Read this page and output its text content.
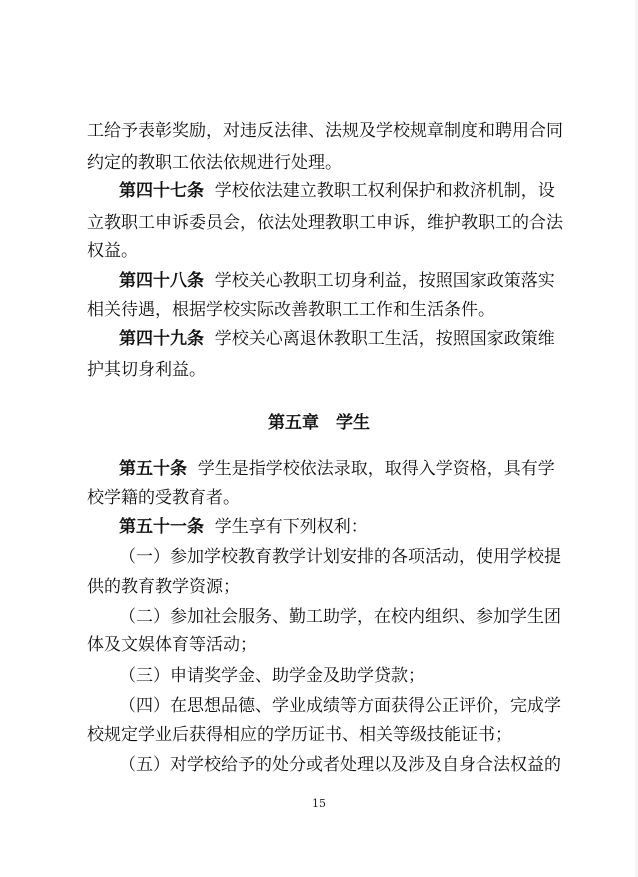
工给予表彰奖励，对违反法律、法规及学校规章制度和聘用合同
约定的教职工依法依规进行处理。
第四十七条  学校依法建立教职工权利保护和救济机制，设
立教职工申诉委员会，依法处理教职工申诉，维护教职工的合法
权益。
第四十八条  学校关心教职工切身利益，按照国家政策落实
相关待遇，根据学校实际改善教职工工作和生活条件。
第四十九条  学校关心离退休教职工生活，按照国家政策维
护其切身利益。
第五章　学生
第五十条  学生是指学校依法录取，取得入学资格，具有学
校学籍的受教育者。
第五十一条  学生享有下列权利：
（一）参加学校教育教学计划安排的各项活动，使用学校提
供的教育教学资源；
（二）参加社会服务、勤工助学，在校内组织、参加学生团
体及文娱体育等活动；
（三）申请奖学金、助学金及助学贷款；
（四）在思想品德、学业成绩等方面获得公正评价，完成学
校规定学业后获得相应的学历证书、相关等级技能证书；
（五）对学校给予的处分或者处理以及涉及自身合法权益的
15
